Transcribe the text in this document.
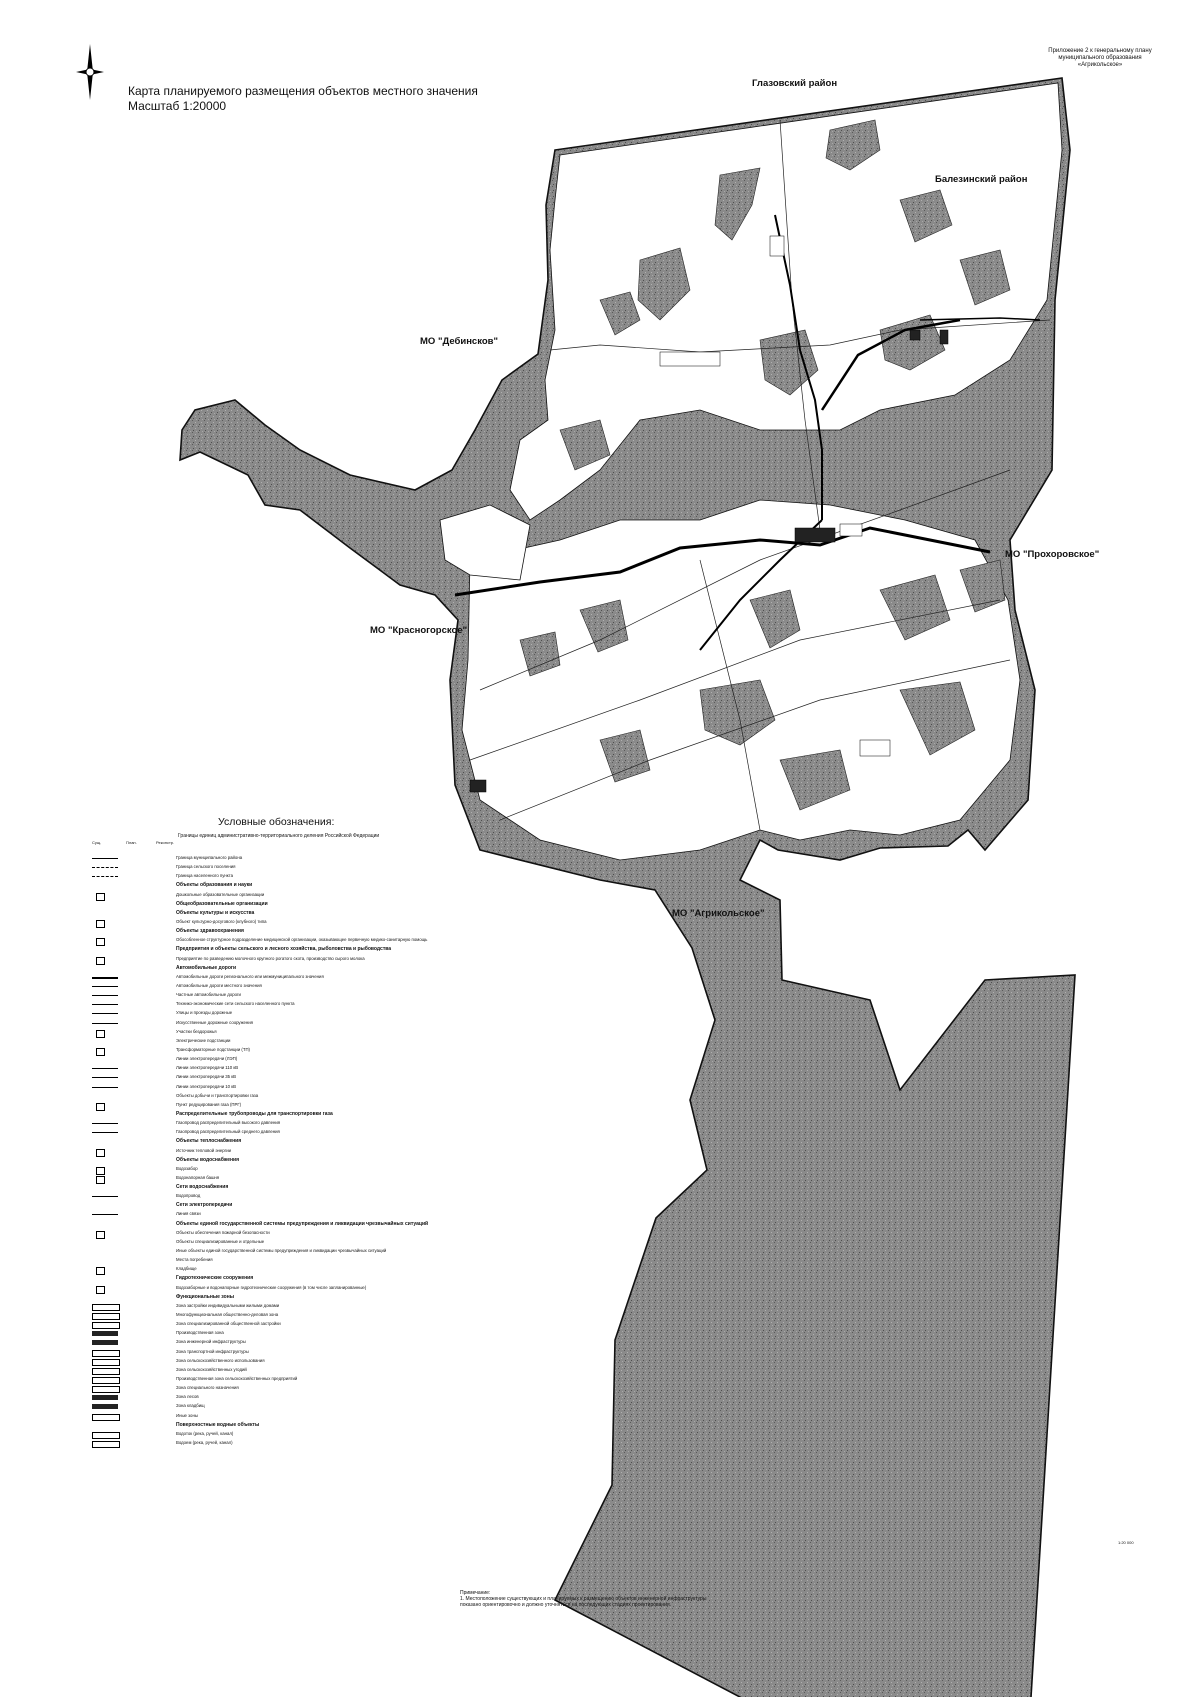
Карта планируемого размещения объектов местного значения
Масштаб 1:20000
Приложение 2 к генеральному плану муниципального образования «Агрикольское»
Глазовский район
Балезинский район
МО "Дебинсков"
МО "Красногорское"
МО "Прохоровское"
МО "Агрикольское"
Условные обозначения:
Границы единиц административно-территориального деления Российской Федерации
Сущ.	План.	Реконстр.
Граница муниципального района
Граница сельского поселения
Граница населенного пункта
Объекты образования и науки
Дошкольные образовательные организации
Общеобразовательные организации
Объекты культуры и искусства
Объект культурно-досугового (клубного) типа
Объекты здравоохранения
Обособленное структурное подразделение медицинской организации, оказывающее первичную медико-санитарную помощь
Предприятия и объекты сельского и лесного хозяйства, рыболовства и рыбоводства
Предприятие по разведению молочного крупного рогатого скота, производство сырого молока
Автомобильные дороги
Автомобильные дороги регионального или межмуниципального значения
Автомобильные дороги местного значения
Частные автомобильные дороги
Технико-экономические сети сельского населенного пункта
Улицы и проезды дорожные
Искусственные дорожные сооружения
Участки бездорожья
Электрические подстанции
Трансформаторные подстанции (ТП)
Линии электропередачи (ЛЭП)
Линии электропередачи 110 кВ
Линии электропередачи 35 кВ
Линии электропередачи 10 кВ
Объекты добычи и транспортировки газа
Пункт редуцирования газа (ПРГ)
Распределительные трубопроводы для транспортировки газа
Газопровод распределительный высокого давления
Газопровод распределительный среднего давления
Объекты теплоснабжения
Источник тепловой энергии
Объекты водоснабжения
Водозабор
Водонапорная башня
Сети водоснабжения
Водопровод
Сети электропередачи
Линия связи
Объекты единой государственной системы предупреждения и ликвидации чрезвычайных ситуаций
Объекты обеспечения пожарной безопасности
Объекты специализированные и отдельные
Иные объекты единой государственной системы предупреждения и ликвидации чрезвычайных ситуаций
Места погребения
Кладбище
Гидротехнические сооружения
Водозаборные и водонапорные гидротехнические сооружения (в том числе запланированные)
Функциональные зоны
Зона застройки индивидуальными жилыми домами
Многофункциональная общественно-деловая зона
Зона специализированной общественной застройки
Производственная зона
Зона инженерной инфраструктуры
Зона транспортной инфраструктуры
Зона сельскохозяйственного использования
Зона сельскохозяйственных угодий
Производственная зона сельскохозяйственных предприятий
Зона специального назначения
Зона лесов
Зона кладбищ
Иные зоны
Поверхностные водные объекты
Водоток (река, ручей, канал)
Водоем (река, ручей, канал)
Примечание:
1. Местоположение существующих и планируемых к размещению объектов инженерной инфраструктуры показано ориентировочно и должно уточняться на последующих стадиях проектирования.
1:20 000
